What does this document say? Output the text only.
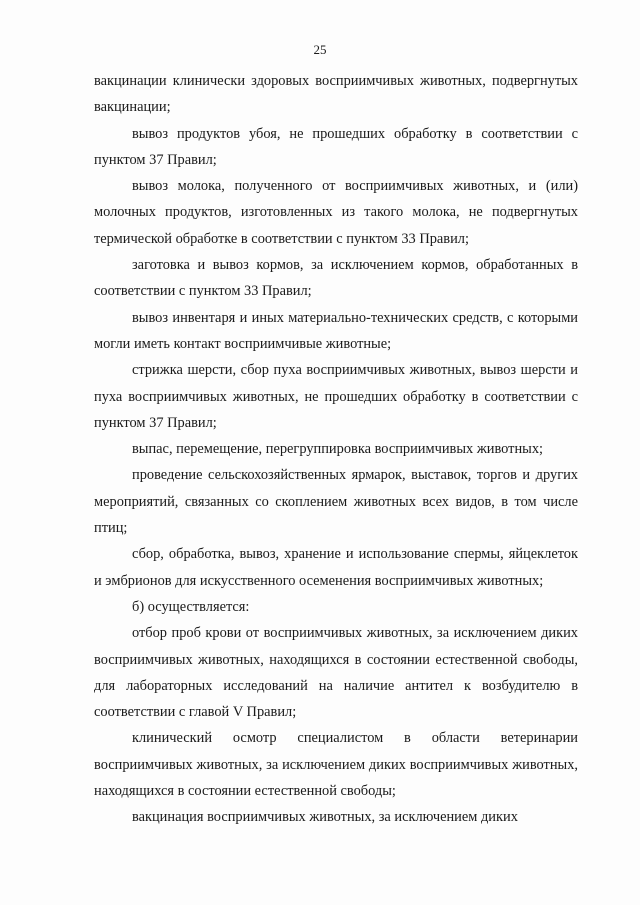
25

вакцинации клинически здоровых восприимчивых животных, подвергнутых вакцинации;

вывоз продуктов убоя, не прошедших обработку в соответствии с пунктом 37 Правил;

вывоз молока, полученного от восприимчивых животных, и (или) молочных продуктов, изготовленных из такого молока, не подвергнутых термической обработке в соответствии с пунктом 33 Правил;

заготовка и вывоз кормов, за исключением кормов, обработанных в соответствии с пунктом 33 Правил;

вывоз инвентаря и иных материально-технических средств, с которыми могли иметь контакт восприимчивые животные;

стрижка шерсти, сбор пуха восприимчивых животных, вывоз шерсти и пуха восприимчивых животных, не прошедших обработку в соответствии с пунктом 37 Правил;

выпас, перемещение, перегруппировка восприимчивых животных;

проведение сельскохозяйственных ярмарок, выставок, торгов и других мероприятий, связанных со скоплением животных всех видов, в том числе птиц;

сбор, обработка, вывоз, хранение и использование спермы, яйцеклеток и эмбрионов для искусственного осеменения восприимчивых животных;

б) осуществляется:

отбор проб крови от восприимчивых животных, за исключением диких восприимчивых животных, находящихся в состоянии естественной свободы, для лабораторных исследований на наличие антител к возбудителю в соответствии с главой V Правил;

клинический осмотр специалистом в области ветеринарии восприимчивых животных, за исключением диких восприимчивых животных, находящихся в состоянии естественной свободы;

вакцинация восприимчивых животных, за исключением диких
